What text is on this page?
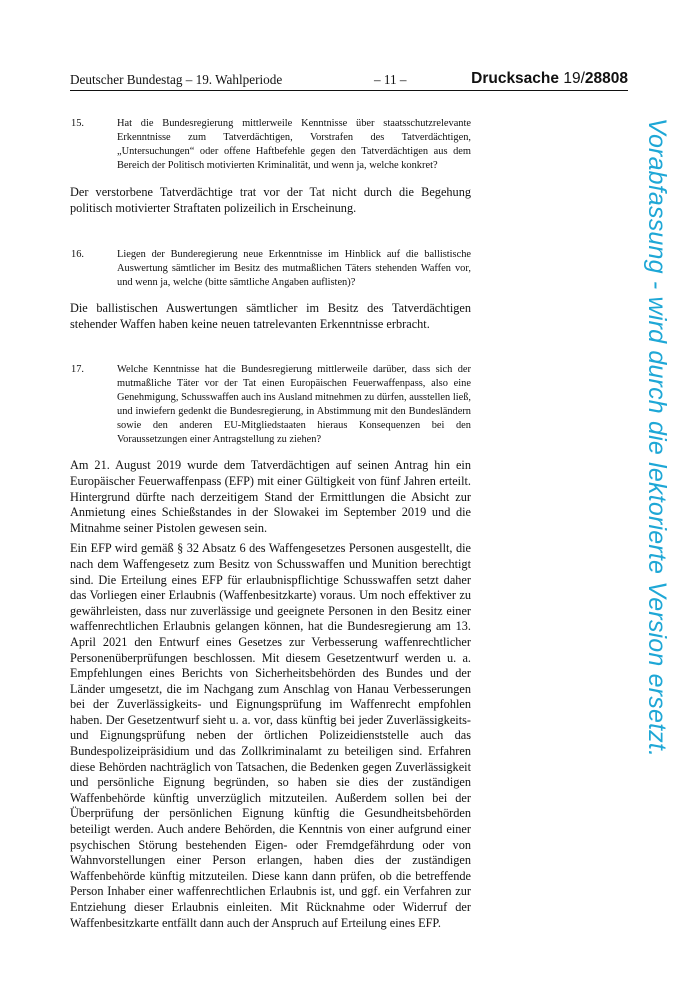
Deutscher Bundestag – 19. Wahlperiode	– 11 –	Drucksache 19/28808
15.	Hat die Bundesregierung mittlerweile Kenntnisse über staatsschutzrelevante Erkenntnisse zum Tatverdächtigen, Vorstrafen des Tatverdächtigen, „Untersuchungen“ oder offene Haftbefehle gegen den Tatverdächtigen aus dem Bereich der Politisch motivierten Kriminalität, und wenn ja, welche konkret?

Der verstorbene Tatverdächtige trat vor der Tat nicht durch die Begehung politisch motivierter Straftaten polizeilich in Erscheinung.

16.	Liegen der Bunderegierung neue Erkenntnisse im Hinblick auf die ballistische Auswertung sämtlicher im Besitz des mutmaßlichen Täters stehenden Waffen vor, und wenn ja, welche (bitte sämtliche Angaben auflisten)?

Die ballistischen Auswertungen sämtlicher im Besitz des Tatverdächtigen stehender Waffen haben keine neuen tatrelevanten Erkenntnisse erbracht.

17.	Welche Kenntnisse hat die Bundesregierung mittlerweile darüber, dass sich der mutmaßliche Täter vor der Tat einen Europäischen Feuerwaffenpass, also eine Genehmigung, Schusswaffen auch ins Ausland mitnehmen zu dürfen, ausstellen ließ, und inwiefern gedenkt die Bundesregierung, in Abstimmung mit den Bundesländern sowie den anderen EU-Mitgliedstaaten hieraus Konsequenzen bei den Voraussetzungen einer Antragstellung zu ziehen?

Am 21. August 2019 wurde dem Tatverdächtigen auf seinen Antrag hin ein Europäischer Feuerwaffenpass (EFP) mit einer Gültigkeit von fünf Jahren erteilt. Hintergrund dürfte nach derzeitigem Stand der Ermittlungen die Absicht zur Anmietung eines Schießstandes in der Slowakei im September 2019 und die Mitnahme seiner Pistolen gewesen sein.

Ein EFP wird gemäß § 32 Absatz 6 des Waffengesetzes Personen ausgestellt, die nach dem Waffengesetz zum Besitz von Schusswaffen und Munition berechtigt sind. Die Erteilung eines EFP für erlaubnispflichtige Schusswaffen setzt daher das Vorliegen einer Erlaubnis (Waffenbesitzkarte) voraus. Um noch effektiver zu gewährleisten, dass nur zuverlässige und geeignete Personen in den Besitz einer waffenrechtlichen Erlaubnis gelangen können, hat die Bundesregierung am 13. April 2021 den Entwurf eines Gesetzes zur Verbesserung waffenrechtlicher Personenüberprüfungen beschlossen. Mit diesem Gesetzentwurf werden u. a. Empfehlungen eines Berichts von Sicherheitsbehörden des Bundes und der Länder umgesetzt, die im Nachgang zum Anschlag von Hanau Verbesserungen bei der Zuverlässigkeits- und Eignungsprüfung im Waffenrecht empfohlen haben. Der Gesetzentwurf sieht u. a. vor, dass künftig bei jeder Zuverlässigkeits- und Eignungsprüfung neben der örtlichen Polizeidienststelle auch das Bundespolizeipräsidium und das Zollkriminalamt zu beteiligen sind. Erfahren diese Behörden nachträglich von Tatsachen, die Bedenken gegen Zuverlässigkeit und persönliche Eignung begründen, so haben sie dies der zuständigen Waffenbehörde künftig unverzüglich mitzuteilen. Außerdem sollen bei der Überprüfung der persönlichen Eignung künftig die Gesundheitsbehörden beteiligt werden. Auch andere Behörden, die Kenntnis von einer aufgrund einer psychischen Störung bestehenden Eigen- oder Fremdgefährdung oder von Wahnvorstellungen einer Person erlangen, haben dies der zuständigen Waffenbehörde künftig mitzuteilen. Diese kann dann prüfen, ob die betreffende Person Inhaber einer waffenrechtlichen Erlaubnis ist, und ggf. ein Verfahren zur Entziehung dieser Erlaubnis einleiten. Mit Rücknahme oder Widerruf der Waffenbesitzkarte entfällt dann auch der Anspruch auf Erteilung eines EFP.

Vorabfassung - wird durch die lektorierte Version ersetzt.
